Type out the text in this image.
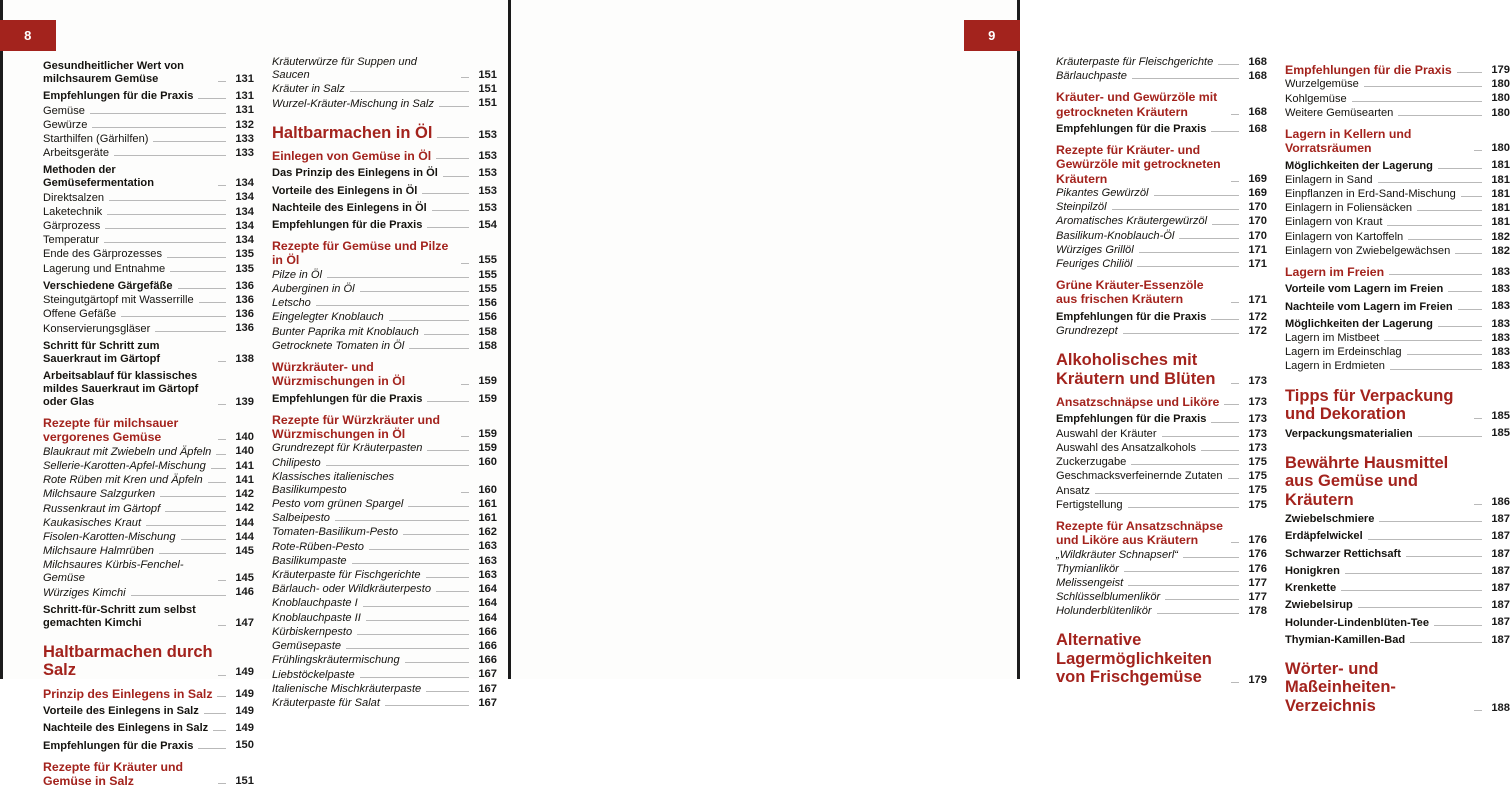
8
Gesundheitlicher Wert von milchsaurem Gemüse	131
Empfehlungen für die Praxis	131
Gemüse	131
Gewürze	132
Starthilfen (Gärhilfen)	133
Arbeitsgeräte	133
Methoden der Gemüsefermentation	134
Direktsalzen	134
Laketechnik	134
Gärprozess	134
Temperatur	134
Ende des Gärprozesses	135
Lagerung und Entnahme	135
Verschiedene Gärgefäße	136
Steingutgärtopf mit Wasserrille	136
Offene Gefäße	136
Konservierungsgläser	136
Schritt für Schritt zum Sauerkraut im Gärtopf	138
Arbeitsablauf für klassisches mildes Sauerkraut im Gärtopf oder Glas	139
Rezepte für milchsauer vergorenes Gemüse	140
Blaukraut mit Zwiebeln und Äpfeln	140
Sellerie-Karotten-Apfel-Mischung	141
Rote Rüben mit Kren und Äpfeln	141
Milchsaure Salzgurken	142
Russenkraut im Gärtopf	142
Kaukasisches Kraut	144
Fisolen-Karotten-Mischung	144
Milchsaure Halmrüben	145
Milchsaures Kürbis-Fenchel-Gemüse	145
Würziges Kimchi	146
Schritt-für-Schritt zum selbst gemachten Kimchi	147
Haltbarmachen durch Salz	149
Prinzip des Einlegens in Salz	149
Vorteile des Einlegens in Salz	149
Nachteile des Einlegens in Salz	149
Empfehlungen für die Praxis	150
Rezepte für Kräuter und Gemüse in Salz	151
Kräuterwürze für Suppen und Saucen	151
Kräuter in Salz	151
Wurzel-Kräuter-Mischung in Salz	151
Haltbarmachen in Öl	153
Einlegen von Gemüse in Öl	153
Das Prinzip des Einlegens in Öl	153
Vorteile des Einlegens in Öl	153
Nachteile des Einlegens in Öl	153
Empfehlungen für die Praxis	154
Rezepte für Gemüse und Pilze in Öl	155
Pilze in Öl	155
Auberginen in Öl	155
Letscho	156
Eingelegter Knoblauch	156
Bunter Paprika mit Knoblauch	158
Getrocknete Tomaten in Öl	158
Würzkräuter- und Würzmischungen in Öl	159
Empfehlungen für die Praxis	159
Rezepte für Würzkräuter und Würzmischungen in Öl	159
Grundrezept für Kräuterpasten	159
Chilipesto	160
Klassisches italienisches Basilikumpesto	160
Pesto vom grünen Spargel	161
Salbeipesto	161
Tomaten-Basilikum-Pesto	162
Rote-Rüben-Pesto	163
Basilikumpaste	163
Kräuterpaste für Fischgerichte	163
Bärlauch- oder Wildkräuterpesto	164
Knoblauchpaste I	164
Knoblauchpaste II	164
Kürbiskernpesto	166
Gemüsepaste	166
Frühlingskräutermischung	166
Liebstöckelpaste	167
Italienische Mischkräuterpaste	167
Kräuterpaste für Salat	167
9
Kräuterpaste für Fleischgerichte	168
Bärlauchpaste	168
Kräuter- und Gewürzöle mit getrockneten Kräutern	168
Empfehlungen für die Praxis	168
Rezepte für Kräuter- und Gewürzöle mit getrockneten Kräutern	169
Pikantes Gewürzöl	169
Steinpilzöl	170
Aromatisches Kräutergewürzöl	170
Basilikum-Knoblauch-Öl	170
Würziges Grillöl	171
Feuriges Chiliöl	171
Grüne Kräuter-Essenzöle aus frischen Kräutern	171
Empfehlungen für die Praxis	172
Grundrezept	172
Alkoholisches mit Kräutern und Blüten	173
Ansatzschnäpse und Liköre	173
Empfehlungen für die Praxis	173
Auswahl der Kräuter	173
Auswahl des Ansatzalkohols	173
Zuckerzugabe	175
Geschmacksverfeinernde Zutaten	175
Ansatz	175
Fertigstellung	175
Rezepte für Ansatzschnäpse und Liköre aus Kräutern	176
„Wildkräuter Schnapserl“	176
Thymianlikör	176
Melissengeist	177
Schlüsselblumenlikör	177
Holunderblütenlikör	178
Alternative Lagermöglichkeiten von Frischgemüse	179
Empfehlungen für die Praxis	179
Wurzelgemüse	180
Kohlgemüse	180
Weitere Gemüsearten	180
Lagern in Kellern und Vorratsräumen	180
Möglichkeiten der Lagerung	181
Einlagern in Sand	181
Einpflanzen in Erd-Sand-Mischung	181
Einlagern in Foliensäcken	181
Einlagern von Kraut	181
Einlagern von Kartoffeln	182
Einlagern von Zwiebelgewächsen	182
Lagern im Freien	183
Vorteile vom Lagern im Freien	183
Nachteile vom Lagern im Freien	183
Möglichkeiten der Lagerung	183
Lagern im Mistbeet	183
Lagern im Erdeinschlag	183
Lagern in Erdmieten	183
Tipps für Verpackung und Dekoration	185
Verpackungsmaterialien	185
Bewährte Hausmittel aus Gemüse und Kräutern	186
Zwiebelschmiere	187
Erdäpfelwickel	187
Schwarzer Rettichsaft	187
Honigkren	187
Krenkette	187
Zwiebelsirup	187
Holunder-Lindenblüten-Tee	187
Thymian-Kamillen-Bad	187
Wörter- und Maßeinheiten-Verzeichnis	188
